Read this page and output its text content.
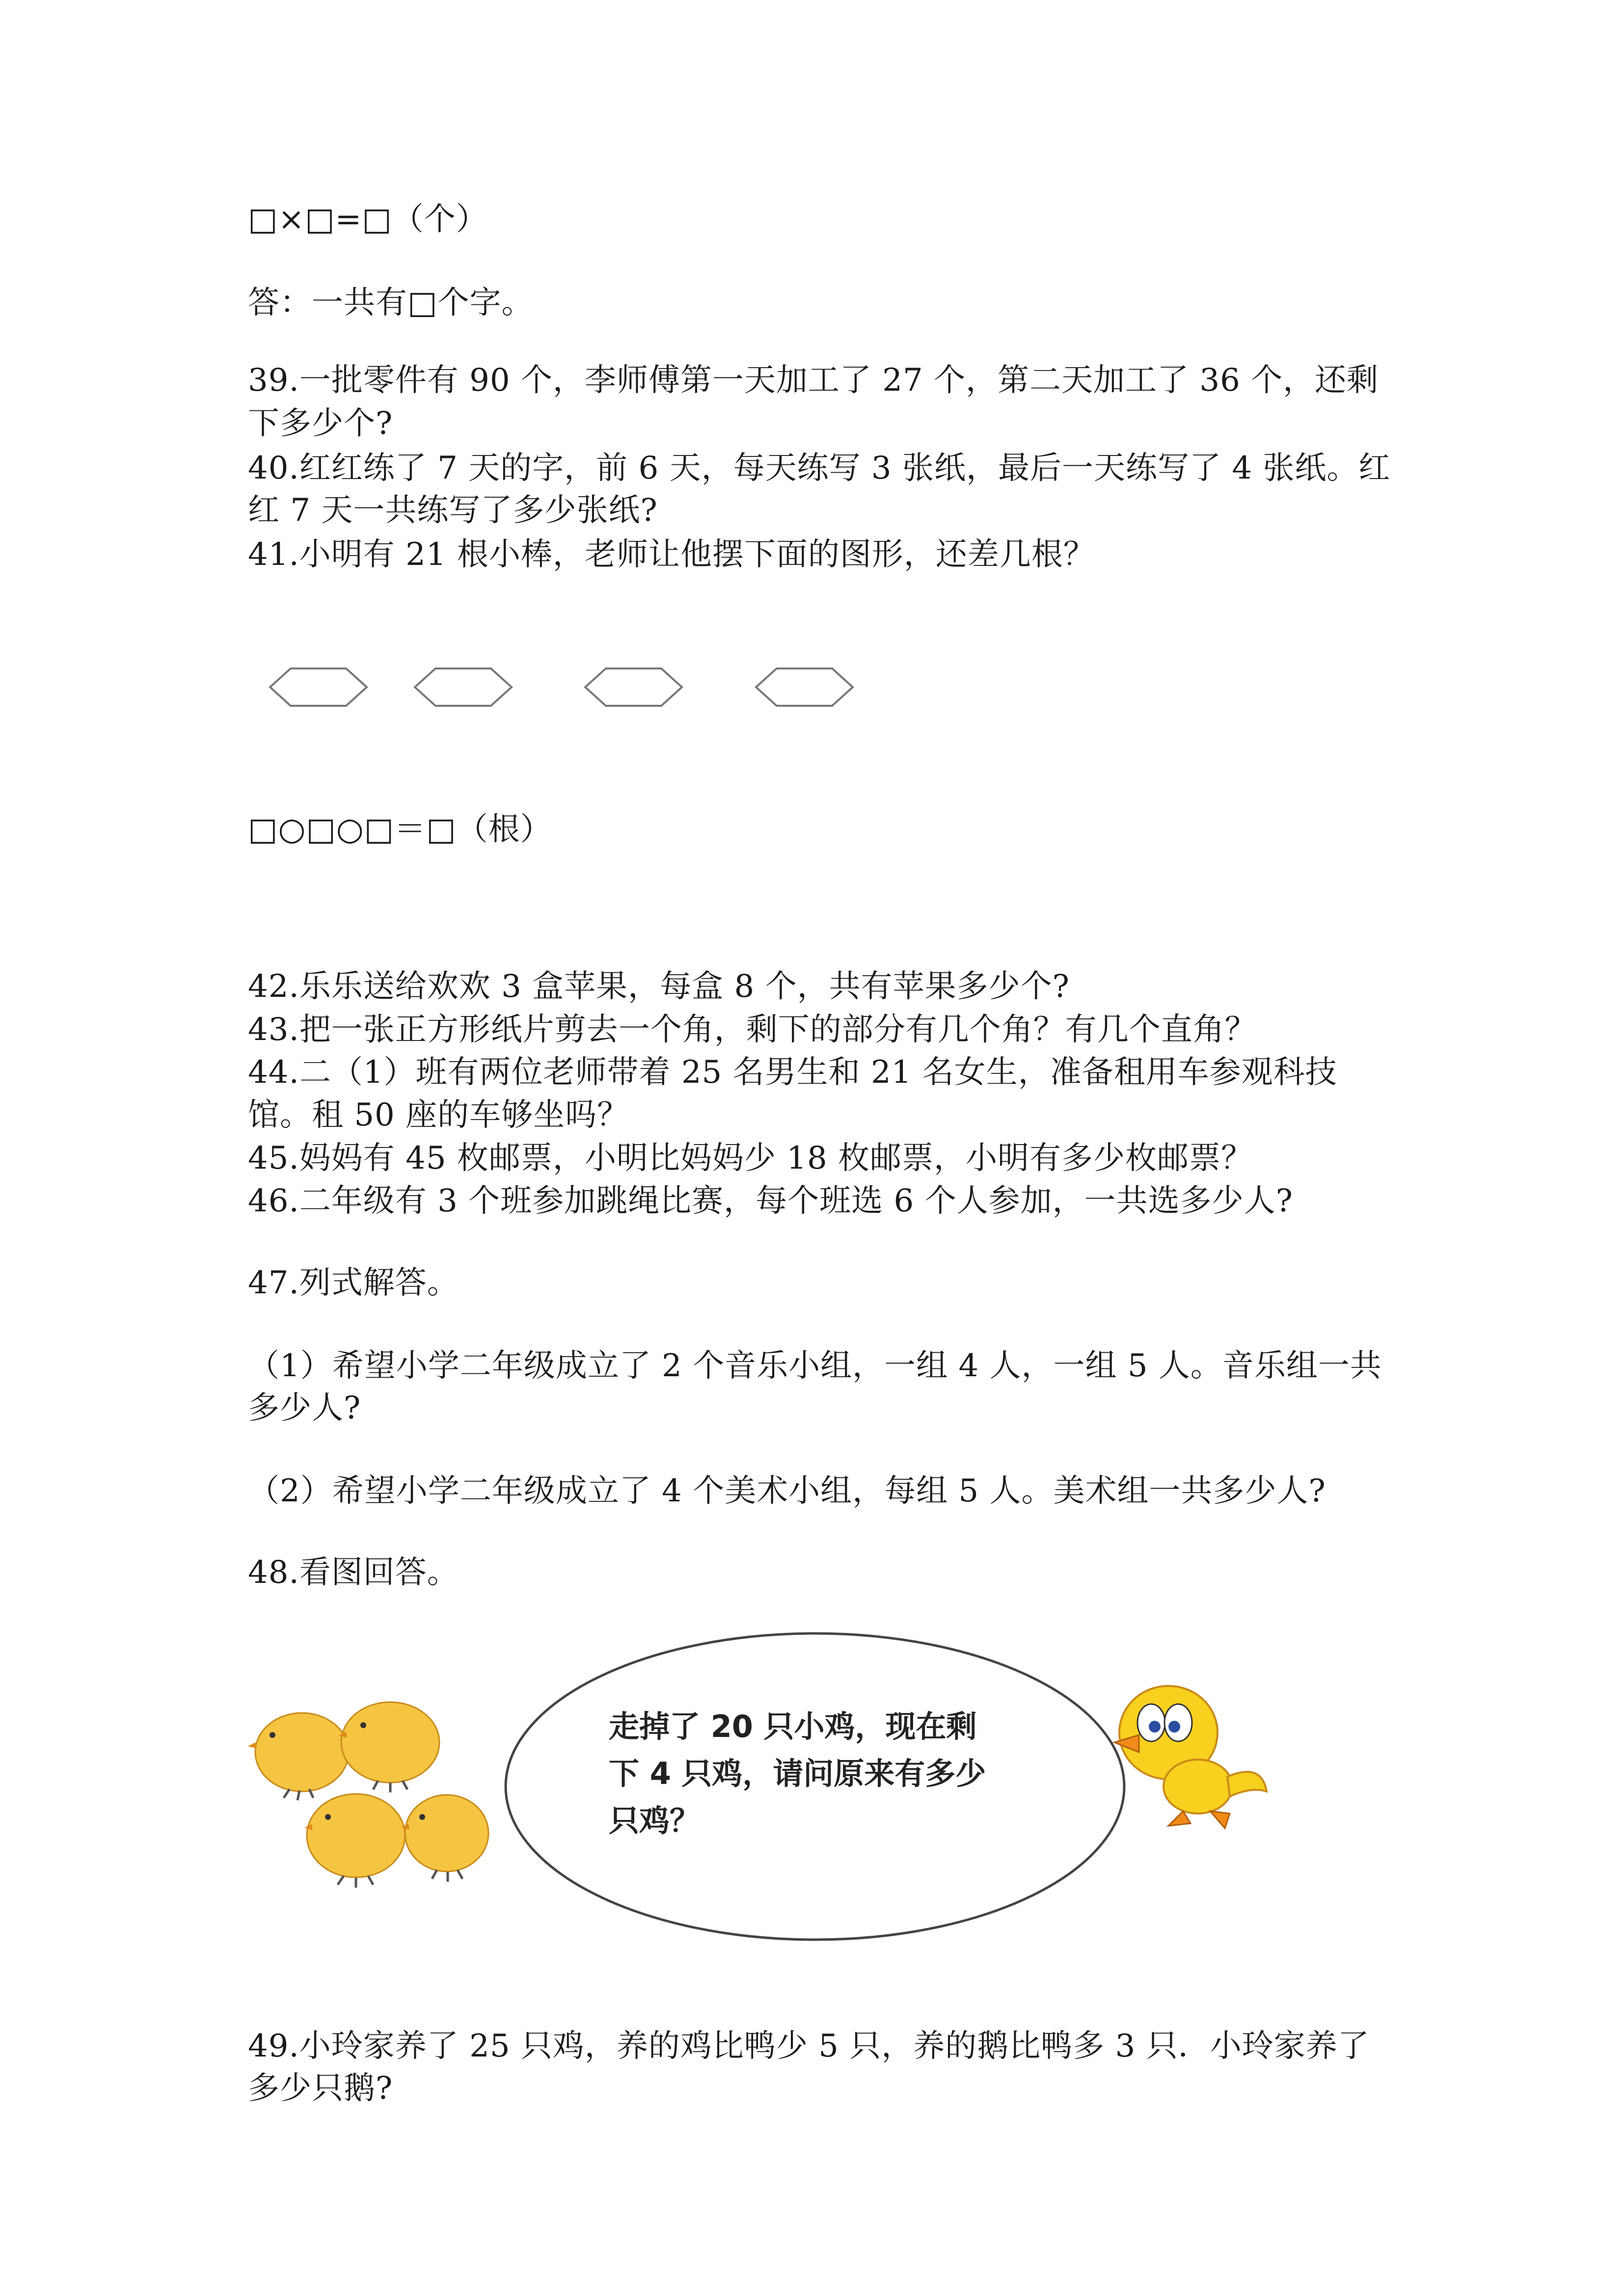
□×□=□（个）
答：一共有□个字。
39.一批零件有 90 个，李师傅第一天加工了 27 个，第二天加工了 36 个，还剩
下多少个?
40.红红练了 7 天的字，前 6 天，每天练写 3 张纸，最后一天练写了 4 张纸。红
红 7 天一共练写了多少张纸?
41.小明有 21 根小棒，老师让他摆下面的图形，还差几根？
□○□○□＝□（根）
42.乐乐送给欢欢 3 盒苹果，每盒 8 个，共有苹果多少个?
43.把一张正方形纸片剪去一个角，剩下的部分有几个角？有几个直角？
44.二（1）班有两位老师带着 25 名男生和 21 名女生，准备租用车参观科技
馆。租 50 座的车够坐吗？
45.妈妈有 45 枚邮票，小明比妈妈少 18 枚邮票，小明有多少枚邮票？
46.二年级有 3 个班参加跳绳比赛，每个班选 6 个人参加，一共选多少人?
47.列式解答。
（1）希望小学二年级成立了 2 个音乐小组，一组 4 人，一组 5 人。音乐组一共
多少人?
（2）希望小学二年级成立了 4 个美术小组，每组 5 人。美术组一共多少人?
48.看图回答。
走掉了 20 只小鸡，现在剩
下 4 只鸡，请问原来有多少
只鸡？
49.小玲家养了 25 只鸡，养的鸡比鸭少 5 只，养的鹅比鸭多 3 只．小玲家养了
多少只鹅?
